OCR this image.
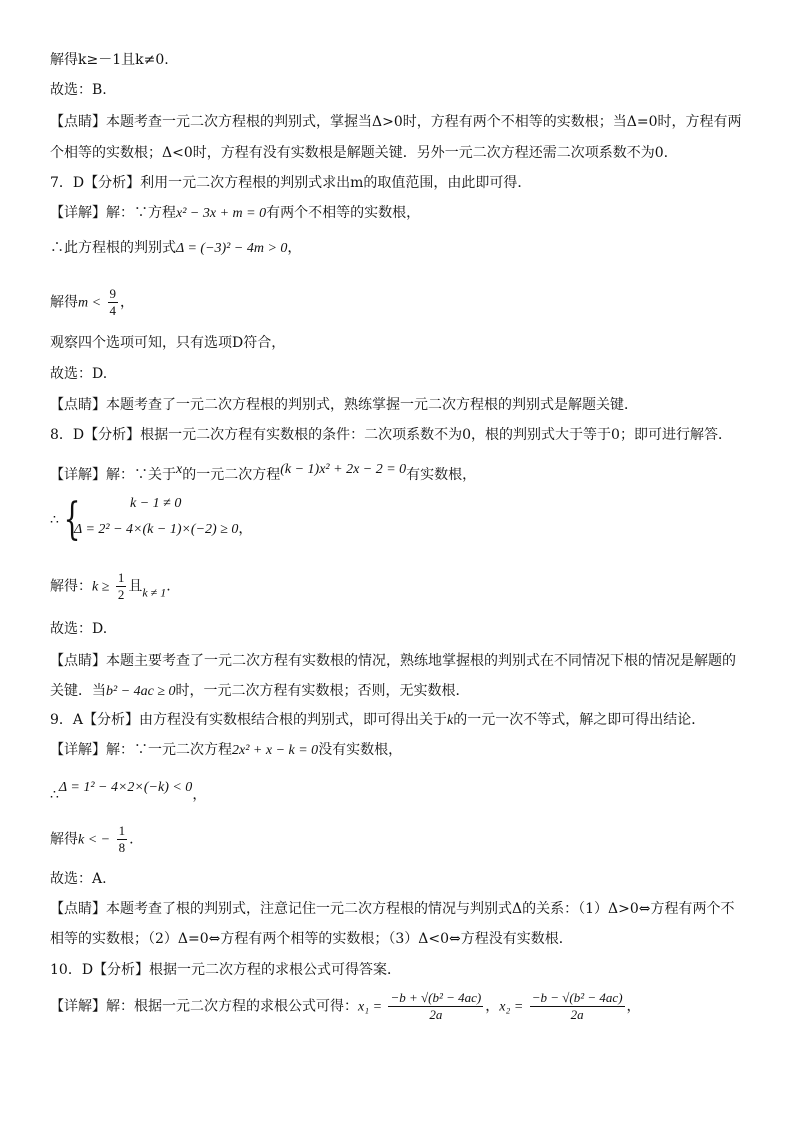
解得k≥－1且k≠0.
故选：B.
【点睛】本题考查一元二次方程根的判别式，掌握当Δ>0时，方程有两个不相等的实数根；当Δ=0时，方程有两
个相等的实数根；Δ<0时，方程有没有实数根是解题关键．另外一元二次方程还需二次项系数不为0.
7．D【分析】利用一元二次方程根的判别式求出m的取值范围，由此即可得．
【详解】解：∵方程x² − 3x + m = 0有两个不相等的实数根，
∴此方程根的判别式Δ = (−3)² − 4m > 0，
解得$m < \frac{9}{4}$ ，
观察四个选项可知，只有选项D符合，
故选：D.
【点睛】本题考查了一元二次方程根的判别式，熟练掌握一元二次方程根的判别式是解题关键．
8．D【分析】根据一元二次方程有实数根的条件：二次项系数不为0，根的判别式大于等于0；即可进行解答．
【详解】解：∵关于x的一元二次方程(k − 1)x² + 2x − 2 = 0有实数根，
∴ {	k − 1 ≠ 0
Δ = 2² − 4×(k − 1)×(−2) ≥ 0，
解得：$k \ge \frac{1}{2}$ 且k ≠ 1.
故选：D.
【点睛】本题主要考查了一元二次方程有实数根的情况，熟练地掌握根的判别式在不同情况下根的情况是解题的
关键．当b² − 4ac ≥ 0时，一元二次方程有实数根；否则，无实数根．
9．A【分析】由方程没有实数根结合根的判别式，即可得出关于k的一元一次不等式，解之即可得出结论．
【详解】解：∵一元二次方程2x² + x − k = 0没有实数根，
∴Δ = 1² − 4×2×(−k) < 0，
解得k < − $\frac{1}{8}$ .
故选：A.
【点睛】本题考查了根的判别式，注意记住一元二次方程根的情况与判别式Δ的关系：（1）Δ>0⇔方程有两个不
相等的实数根；（2）Δ=0⇔方程有两个相等的实数根；（3）Δ<0⇔方程没有实数根．
10．D【分析】根据一元二次方程的求根公式可得答案．
【详解】解：根据一元二次方程的求根公式可得：$x_1 = \frac{\text{−b + √(b² − 4ac)}}{2a}$ ，$x_2 = \frac{\text{−b − √(b² − 4ac)}}{2a}$ ，
